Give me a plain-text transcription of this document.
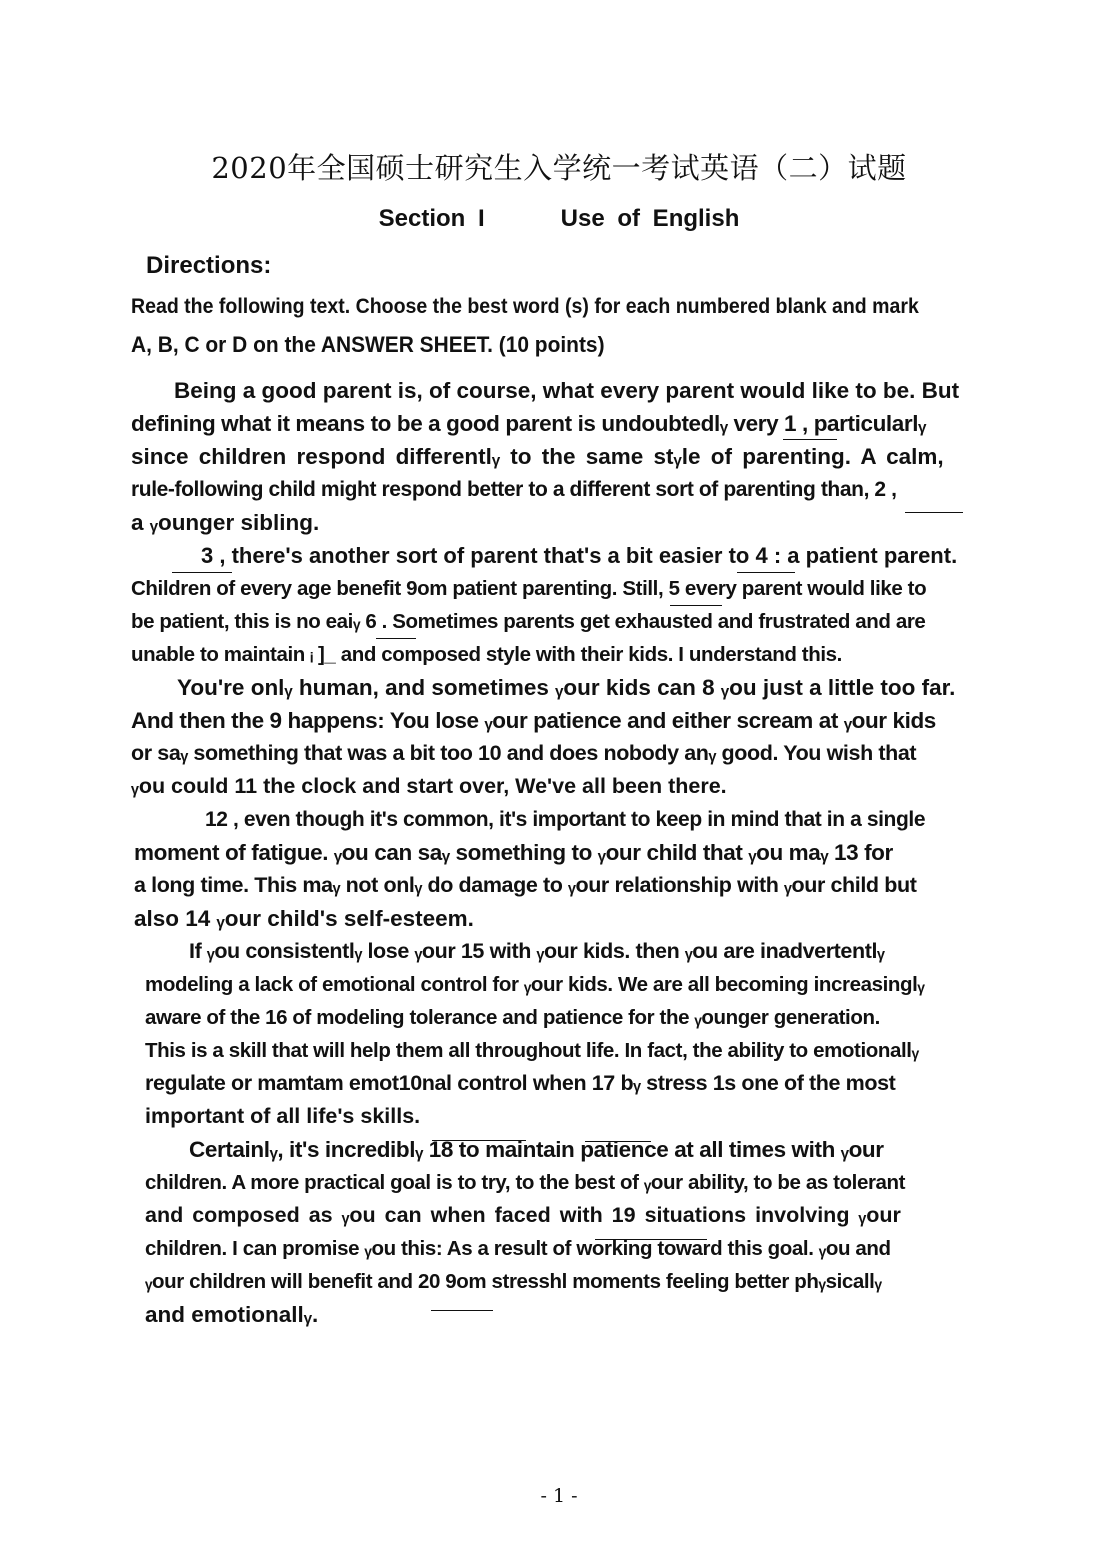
2020年全国硕士研究生入学统一考试英语（二）试题
Section I      Use of English
Directions:
Read the following text. Choose the best word (s) for each numbered blank and mark
A, B, C or D on the ANSWER SHEET. (10 points)
Being a good parent is, of course, what every parent would like to be. But
defining what it means to be a good parent is undoubtedlᵧ very 1 , particularlᵧ
since children respond differentlᵧ to the same stᵧle of parenting. A calm,
rule-following child might respond better to a different sort of parenting than, 2 ,
a ᵧounger sibling.
3 , there's another sort of parent that's a bit easier to 4 : a patient parent.
Children of every age benefit 9om patient parenting. Still, 5 every parent would like to
be patient, this is no eaiᵧ 6 . Sometimes parents get exhausted and frustrated and are
unable to maintain ᵢ ]_ and composed style with their kids. I understand this.
You're onlᵧ human, and sometimes ᵧour kids can 8 ᵧou just a little too far.
And then the 9 happens: You lose ᵧour patience and either scream at ᵧour kids
or saᵧ something that was a bit too 10 and does nobody anᵧ good. You wish that
ᵧou could 11 the clock and start over, We've all been there.
12 , even though it's common, it's important to keep in mind that in a single
moment of fatigue. ᵧou can saᵧ something to ᵧour child that ᵧou maᵧ 13 for
a long time. This maᵧ not onlᵧ do damage to ᵧour relationship with ᵧour child but
also 14 ᵧour child's self-esteem.
If ᵧou consistentlᵧ lose ᵧour 15 with ᵧour kids. then ᵧou are inadvertentlᵧ
modeling a lack of emotional control for ᵧour kids. We are all becoming increasinglᵧ
aware of the 16 of modeling tolerance and patience for the ᵧounger generation.
This is a skill that will help them all throughout life. In fact, the ability to emotionallᵧ
regulate or mamtam emot10nal control when 17 bᵧ stress 1s one of the most
important of all life's skills.
Certainlᵧ, it's incrediblᵧ 18 to maintain patience at all times with ᵧour
children. A more practical goal is to try, to the best of ᵧour ability, to be as tolerant
and composed as ᵧou can when faced with 19 situations involving ᵧour
children. I can promise ᵧou this: As a result of working toward this goal. ᵧou and
ᵧour children will benefit and 20 9om stresshl moments feeling better phᵧsicallᵧ
and emotionallᵧ.
- 1 -
